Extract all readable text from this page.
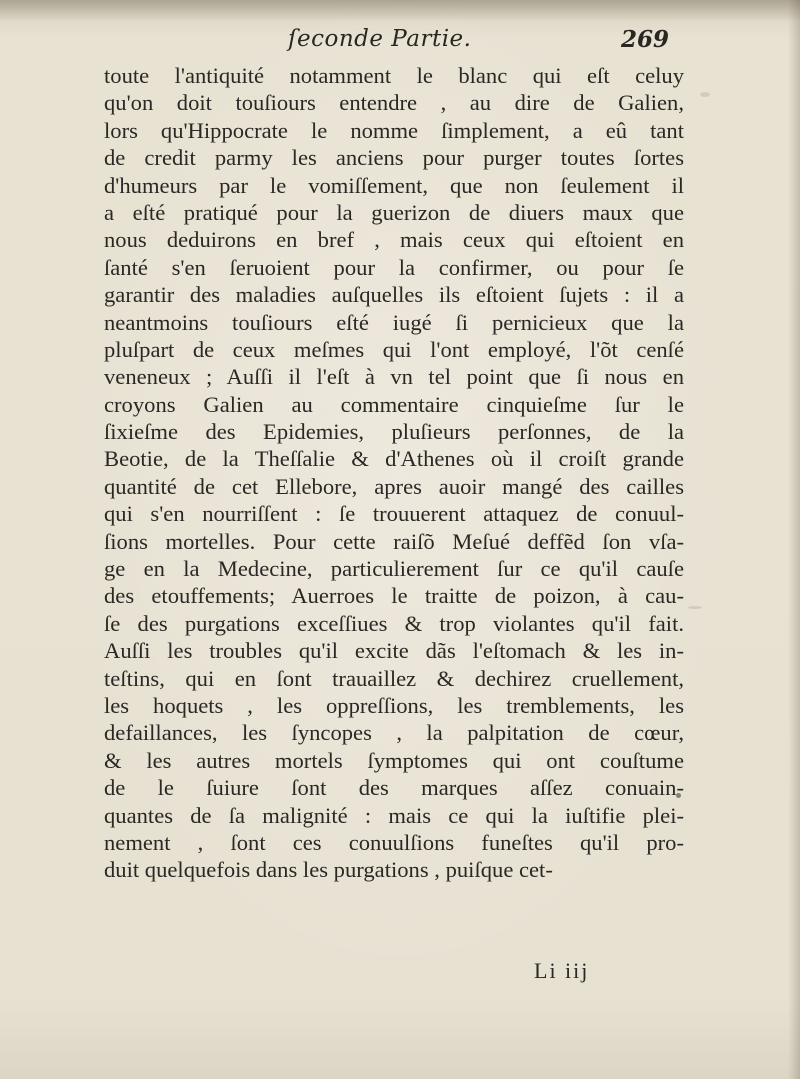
ſeconde Partie.	269
toute l'antiquité notamment le blanc qui eſt celuy
qu'on doit touſiours entendre , au dire de Galien,
lors qu'Hippocrate le nomme ſimplement, a eû tant
de credit parmy les anciens pour purger toutes ſortes
d'humeurs par le vomiſſement, que non ſeulement il
a eſté pratiqué pour la guerizon de diuers maux que
nous deduirons en bref , mais ceux qui eſtoient en
ſanté s'en ſeruoient pour la confirmer, ou pour ſe
garantir des maladies auſquelles ils eſtoient ſujets : il a
neantmoins touſiours eſté iugé ſi pernicieux que la
pluſpart de ceux meſmes qui l'ont employé, l'õt cenſé
veneneux ; Auſſi il l'eſt à vn tel point que ſi nous en
croyons Galien au commentaire cinquieſme ſur le
ſixieſme des Epidemies, pluſieurs perſonnes, de la
Beotie, de la Theſſalie & d'Athenes où il croiſt grande
quantité de cet Ellebore, apres auoir mangé des cailles
qui s'en nourriſſent : ſe trouuerent attaquez de conuul-
ſions mortelles. Pour cette raiſõ Meſué deffẽd ſon vſa-
ge en la Medecine, particulierement ſur ce qu'il cauſe
des etouffements; Auerroes le traitte de poizon, à cau-
ſe des purgations exceſſiues & trop violantes qu'il fait.
Auſſi les troubles qu'il excite dãs l'eſtomach & les in-
teſtins, qui en ſont trauaillez & dechirez cruellement,
les hoquets , les oppreſſions, les tremblements, les
defaillances, les ſyncopes , la palpitation de cœur,
& les autres mortels ſymptomes qui ont couſtume
de le ſuiure ſont des marques aſſez conuain-
quantes de ſa malignité : mais ce qui la iuſtifie plei-
nement , ſont ces conuulſions funeſtes qu'il pro-
duit quelquefois dans les purgations , puiſque cet-
Li iij
